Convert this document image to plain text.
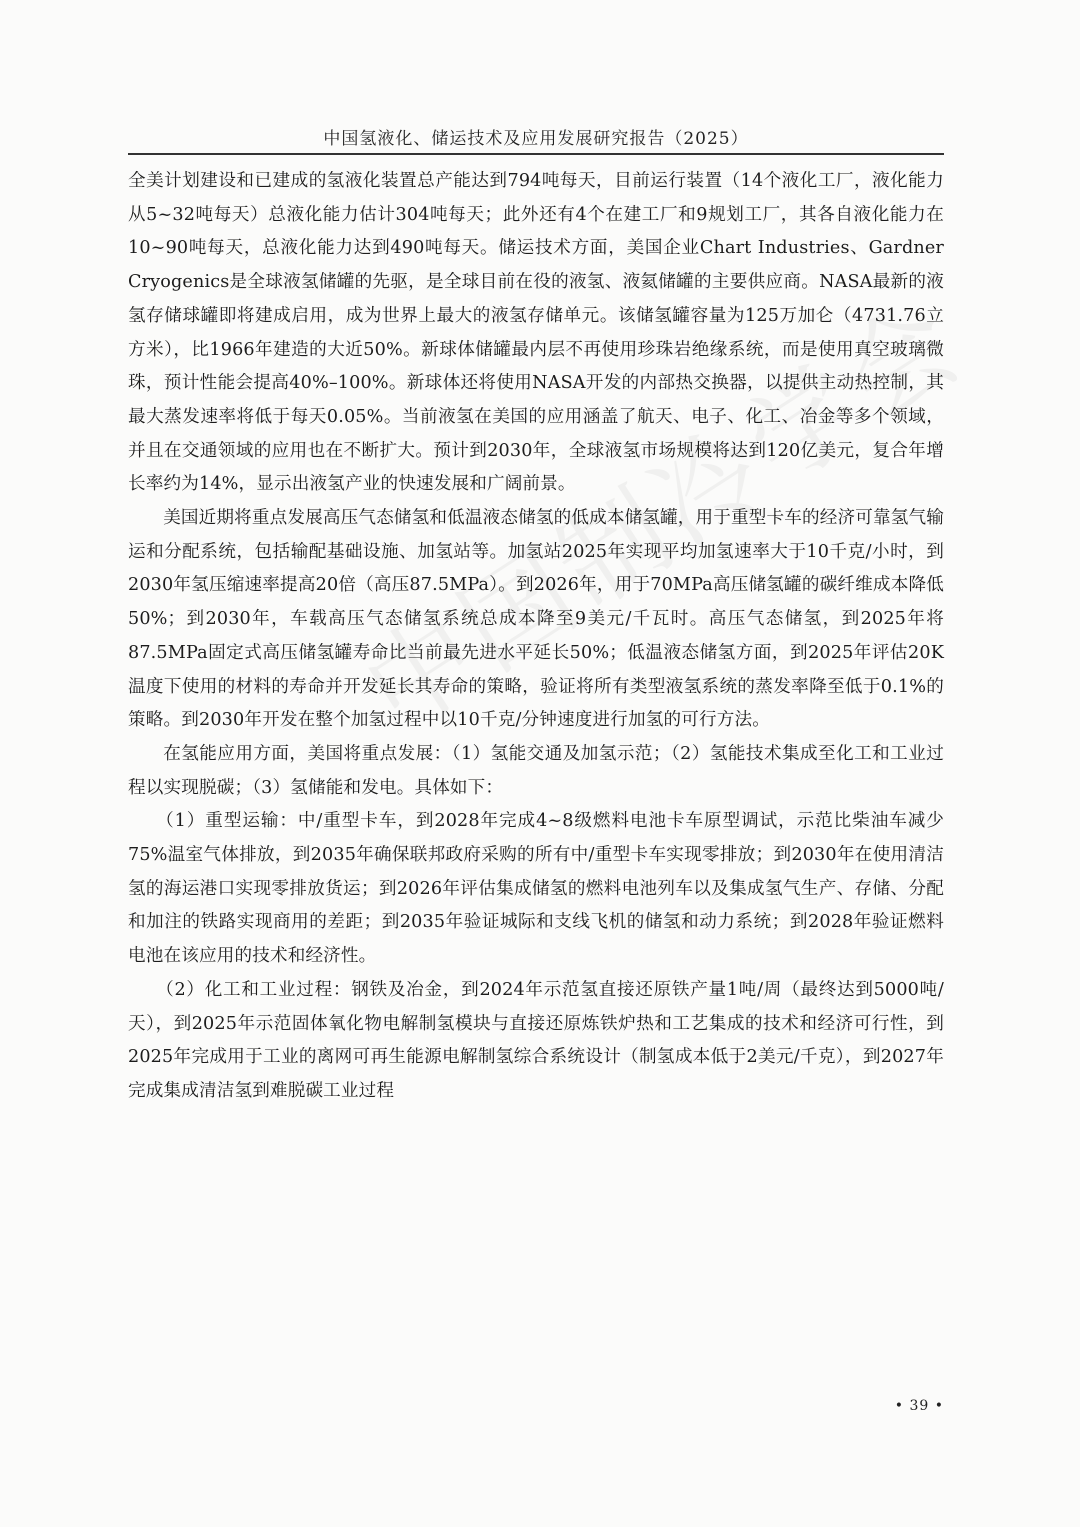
中国氢液化、储运技术及应用发展研究报告（2025）

全美计划建设和已建成的氢液化装置总产能达到794吨每天，目前运行装置（14个液化工厂，液化能力从5~32吨每天）总液化能力估计304吨每天；此外还有4个在建工厂和9规划工厂，其各自液化能力在10~90吨每天，总液化能力达到490吨每天。储运技术方面，美国企业Chart Industries、Gardner Cryogenics是全球液氢储罐的先驱，是全球目前在役的液氢、液氦储罐的主要供应商。NASA最新的液氢存储球罐即将建成启用，成为世界上最大的液氢存储单元。该储氢罐容量为125万加仑（4731.76立方米），比1966年建造的大近50%。新球体储罐最内层不再使用珍珠岩绝缘系统，而是使用真空玻璃微珠，预计性能会提高40%–100%。新球体还将使用NASA开发的内部热交换器，以提供主动热控制，其最大蒸发速率将低于每天0.05%。当前液氢在美国的应用涵盖了航天、电子、化工、冶金等多个领域，并且在交通领域的应用也在不断扩大。预计到2030年，全球液氢市场规模将达到120亿美元，复合年增长率约为14%，显示出液氢产业的快速发展和广阔前景。

美国近期将重点发展高压气态储氢和低温液态储氢的低成本储氢罐，用于重型卡车的经济可靠氢气输运和分配系统，包括输配基础设施、加氢站等。加氢站2025年实现平均加氢速率大于10千克/小时，到2030年氢压缩速率提高20倍（高压87.5MPa）。到2026年，用于70MPa高压储氢罐的碳纤维成本降低50%；到2030年，车载高压气态储氢系统总成本降至9美元/千瓦时。高压气态储氢，到2025年将87.5MPa固定式高压储氢罐寿命比当前最先进水平延长50%；低温液态储氢方面，到2025年评估20K温度下使用的材料的寿命并开发延长其寿命的策略，验证将所有类型液氢系统的蒸发率降至低于0.1%的策略。到2030年开发在整个加氢过程中以10千克/分钟速度进行加氢的可行方法。

在氢能应用方面，美国将重点发展：（1）氢能交通及加氢示范；（2）氢能技术集成至化工和工业过程以实现脱碳；（3）氢储能和发电。具体如下：

（1）重型运输：中/重型卡车，到2028年完成4~8级燃料电池卡车原型调试，示范比柴油车减少75%温室气体排放，到2035年确保联邦政府采购的所有中/重型卡车实现零排放；到2030年在使用清洁氢的海运港口实现零排放货运；到2026年评估集成储氢的燃料电池列车以及集成氢气生产、存储、分配和加注的铁路实现商用的差距；到2035年验证城际和支线飞机的储氢和动力系统；到2028年验证燃料电池在该应用的技术和经济性。

（2）化工和工业过程：钢铁及冶金，到2024年示范氢直接还原铁产量1吨/周（最终达到5000吨/天），到2025年示范固体氧化物电解制氢模块与直接还原炼铁炉热和工艺集成的技术和经济可行性，到2025年完成用于工业的离网可再生能源电解制氢综合系统设计（制氢成本低于2美元/千克），到2027年完成集成清洁氢到难脱碳工业过程

• 39 •
